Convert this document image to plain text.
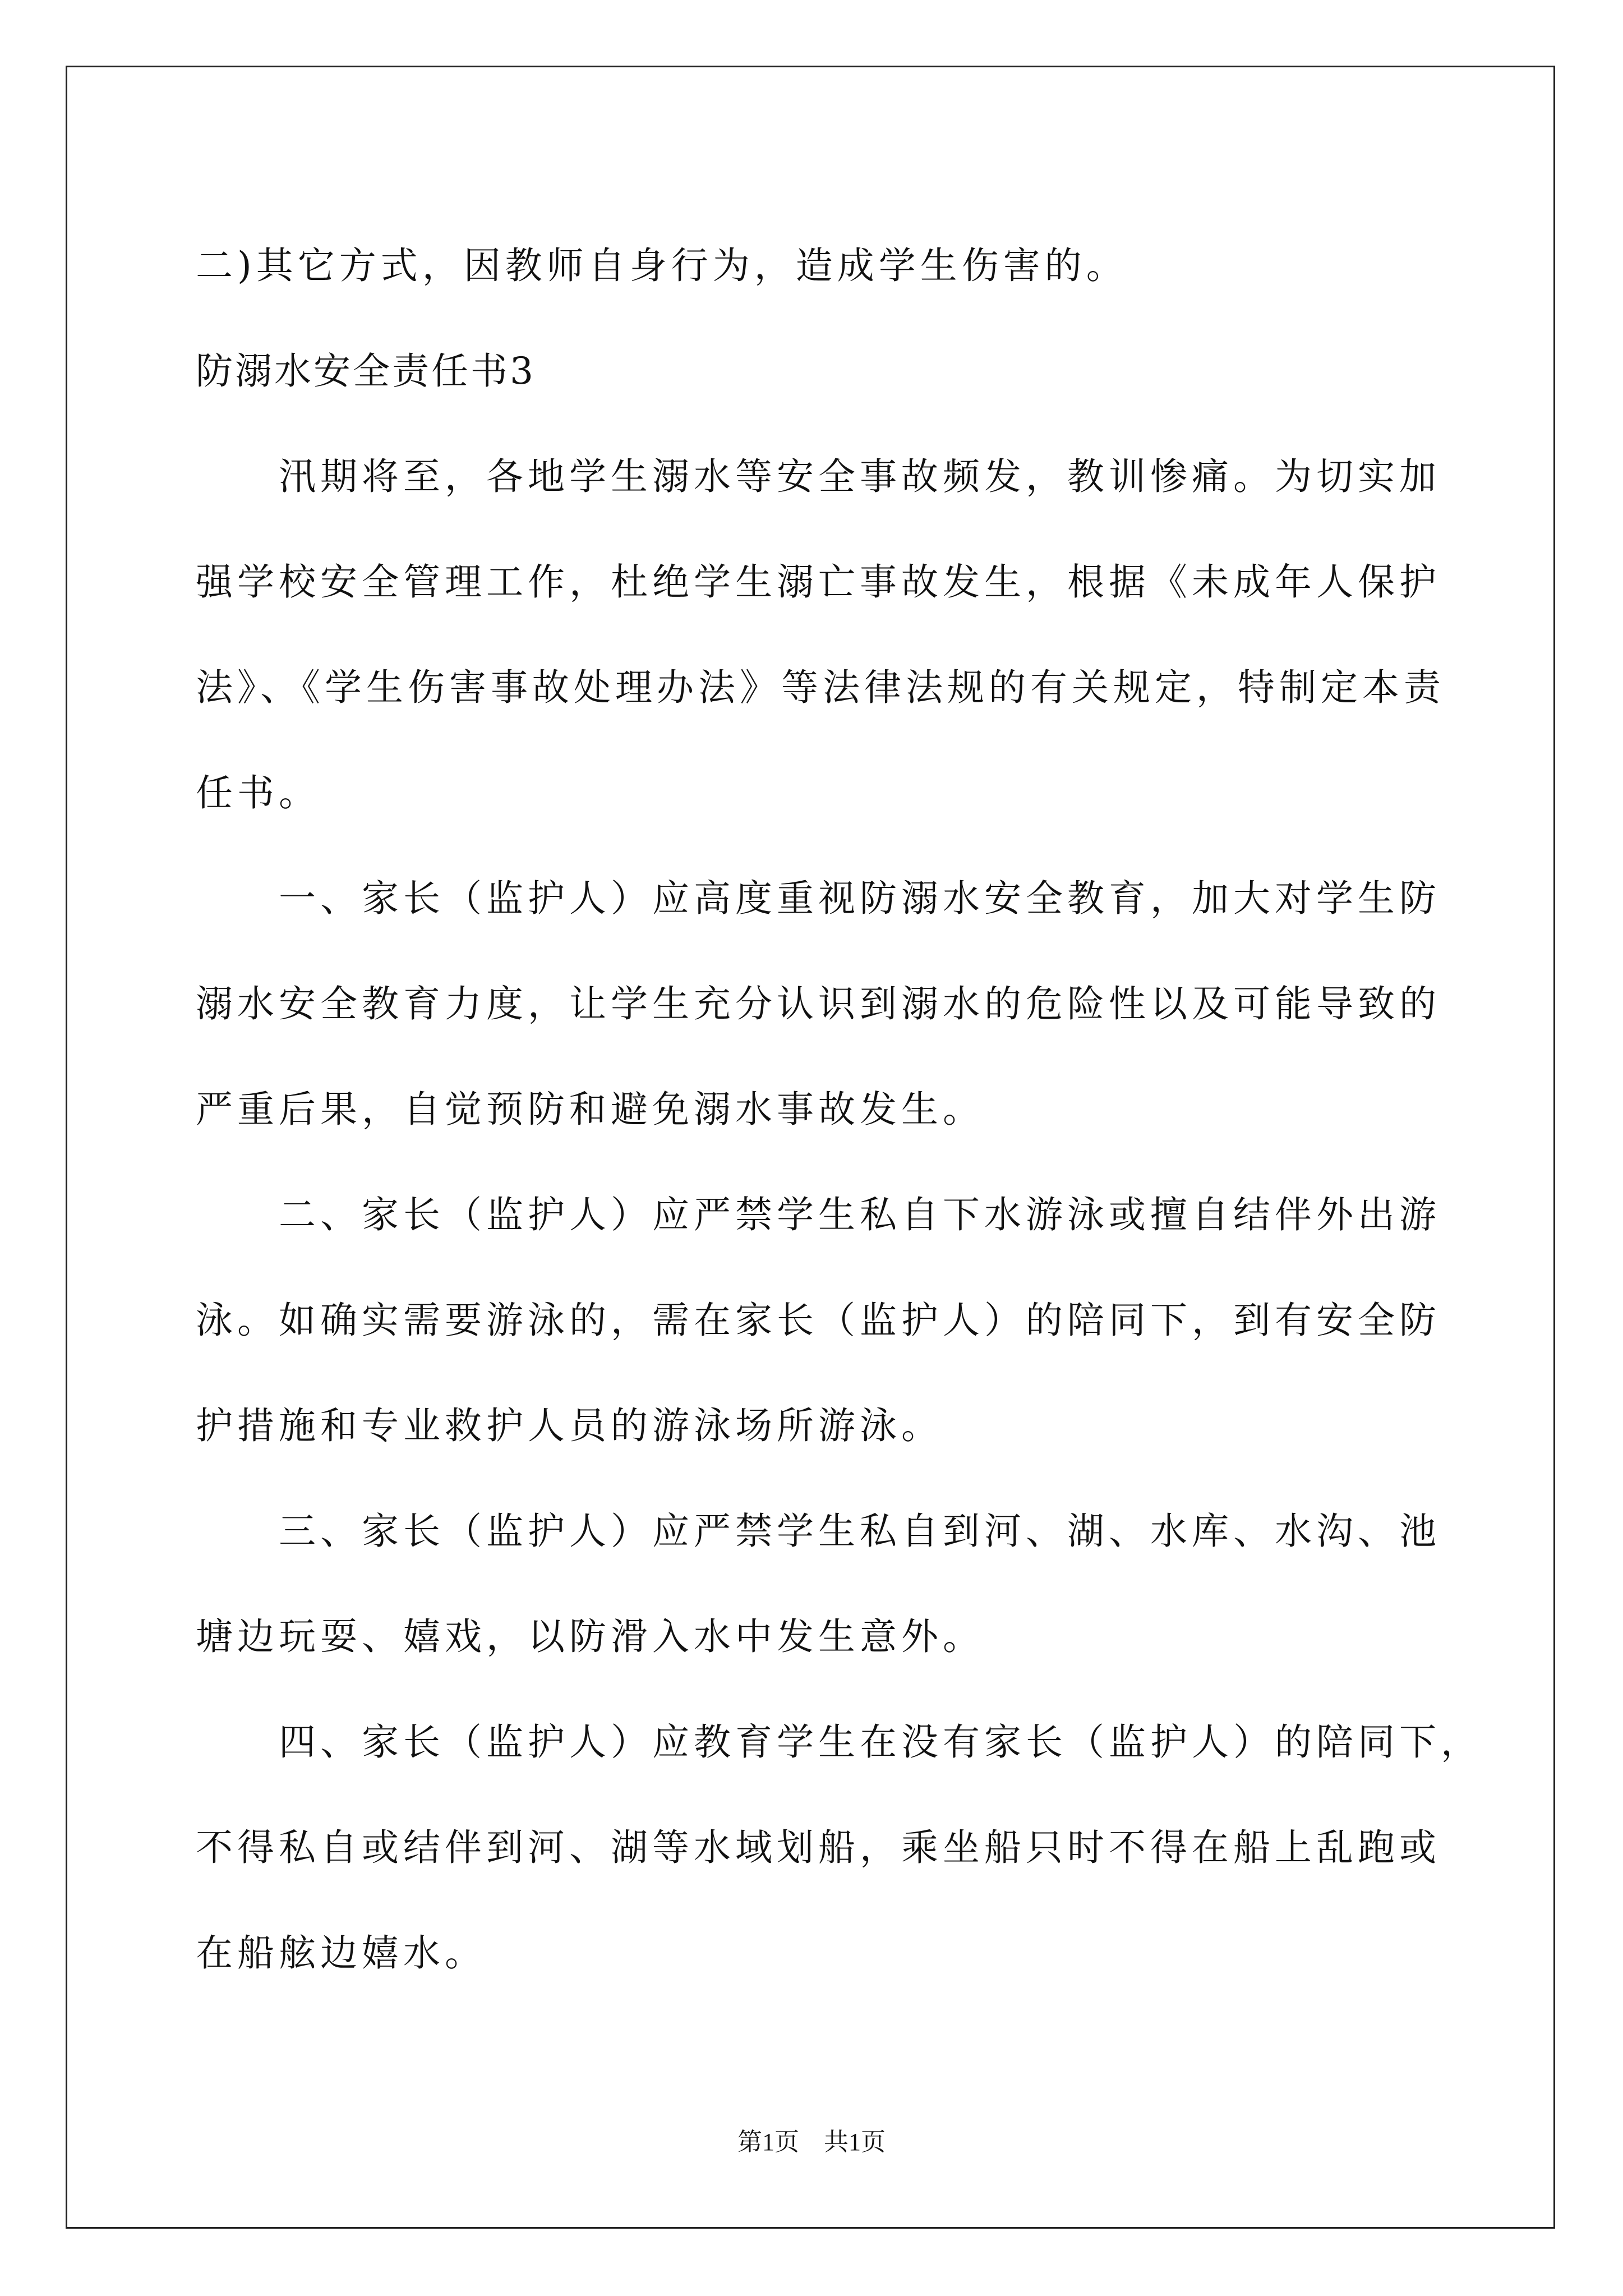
二)其它方式，因教师自身行为，造成学生伤害的。
防溺水安全责任书3
汛期将至，各地学生溺水等安全事故频发，教训惨痛。为切实加
强学校安全管理工作，杜绝学生溺亡事故发生，根据《未成年人保护
法》、《学生伤害事故处理办法》等法律法规的有关规定，特制定本责
任书。
一、家长（监护人）应高度重视防溺水安全教育，加大对学生防
溺水安全教育力度，让学生充分认识到溺水的危险性以及可能导致的
严重后果，自觉预防和避免溺水事故发生。
二、家长（监护人）应严禁学生私自下水游泳或擅自结伴外出游
泳。如确实需要游泳的，需在家长（监护人）的陪同下，到有安全防
护措施和专业救护人员的游泳场所游泳。
三、家长（监护人）应严禁学生私自到河、湖、水库、水沟、池
塘边玩耍、嬉戏，以防滑入水中发生意外。
四、家长（监护人）应教育学生在没有家长（监护人）的陪同下，
不得私自或结伴到河、湖等水域划船，乘坐船只时不得在船上乱跑或
在船舷边嬉水。
第1页　共1页
